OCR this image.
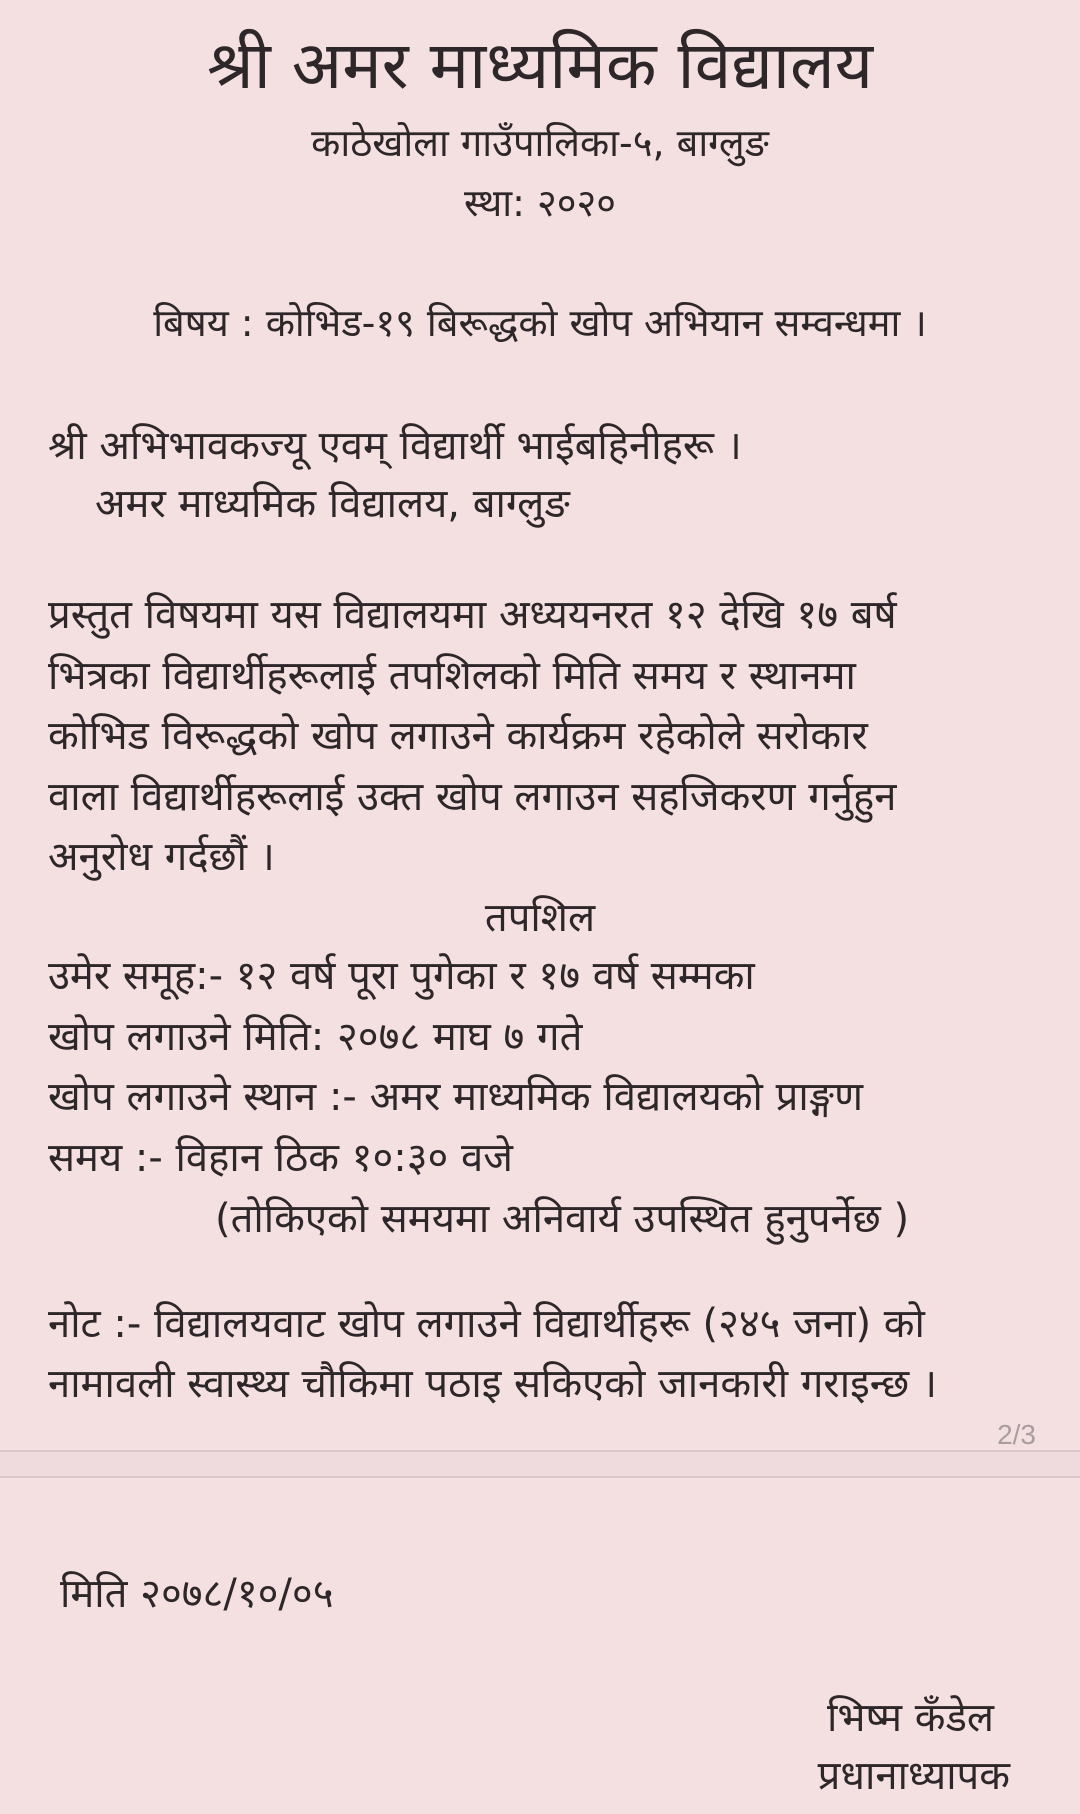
श्री अमर माध्यमिक विद्यालय
काठेखोला गाउँपालिका-५, बाग्लुङ
स्था: २०२०
बिषय : कोभिड-१९ बिरूद्धको खोप अभियान सम्वन्धमा ।
श्री अभिभावकज्यू एवम् विद्यार्थी भाईबहिनीहरू ।
अमर माध्यमिक विद्यालय, बाग्लुङ
प्रस्तुत विषयमा यस विद्यालयमा अध्ययनरत १२ देखि १७ बर्ष
भित्रका विद्यार्थीहरूलाई तपशिलको मिति समय र स्थानमा
कोभिड विरूद्धको खोप लगाउने कार्यक्रम रहेकोले सरोकार
वाला विद्यार्थीहरूलाई उक्त खोप लगाउन सहजिकरण गर्नुहुन
अनुरोध गर्दछौं ।
तपशिल
उमेर समूह:- १२ वर्ष पूरा पुगेका र १७ वर्ष सम्मका
खोप लगाउने मिति: २०७८ माघ ७ गते
खोप लगाउने स्थान :- अमर माध्यमिक विद्यालयको प्राङ्गण
समय :- विहान ठिक १०:३० वजे
(तोकिएको समयमा अनिवार्य उपस्थित हुनुपर्नेछ )
नोट :- विद्यालयवाट खोप लगाउने विद्यार्थीहरू (२४५ जना) को
नामावली स्वास्थ्य चौकिमा पठाइ सकिएको जानकारी गराइन्छ ।
2/3
मिति २०७८/१०/०५
भिष्म कँडेल
प्रधानाध्यापक
